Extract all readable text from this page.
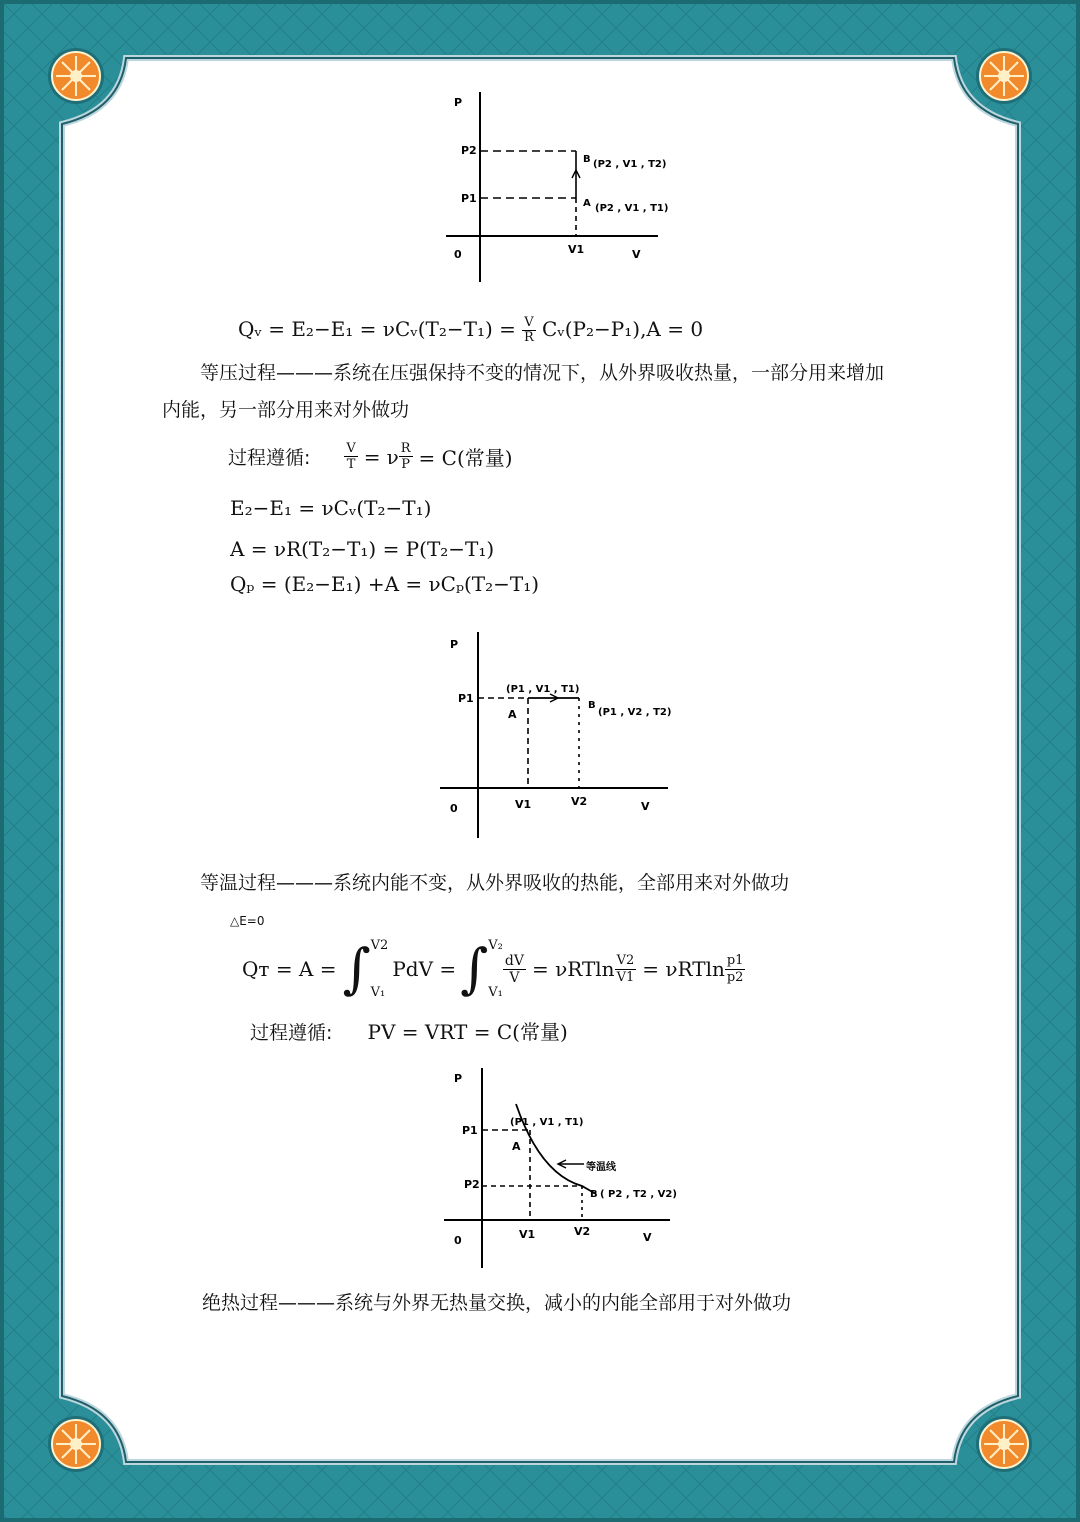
P
P2
P1
0	V1	V
B (P2 , V1 , T2)
A (P2 , V1 , T1)
Qᵥ = E₂−E₁ = νCᵥ(T₂−T₁) = $\frac{V}{R}$ Cᵥ(P₂−P₁),A = 0
等压过程———系统在压强保持不变的情况下，从外界吸收热量，一部分用来增加
内能，另一部分用来对外做功
过程遵循:	$\frac{V}{T} = \nu \frac{R}{P} = C$(常量)
E₂−E₁ = νCᵥ(T₂−T₁)
A = νR(T₂−T₁) = P(T₂−T₁)
Qₚ = (E₂−E₁) +A = νCₚ(T₂−T₁)
P
P1
0	V1	V2	V
(P1 , V1 , T1)
A
B
(P1 , V2 , T2)
等温过程———系统内能不变，从外界吸收的热能，全部用来对外做功
△E=0
Qᴛ = A = ∫ V2
V₁
PdV = ∫ V₂
V₁
$\frac{dV}{V} = \nu RTln \frac{V2}{V1} = \nu RTln \frac{p1}{p2}$
过程遵循: PV = VRT = C(常量)
P
P1
P2
0	V1	V2	V
(P1 , V1 , T1)
A
等温线
B ( P2 , T2 , V2)
绝热过程———系统与外界无热量交换，减小的内能全部用于对外做功
